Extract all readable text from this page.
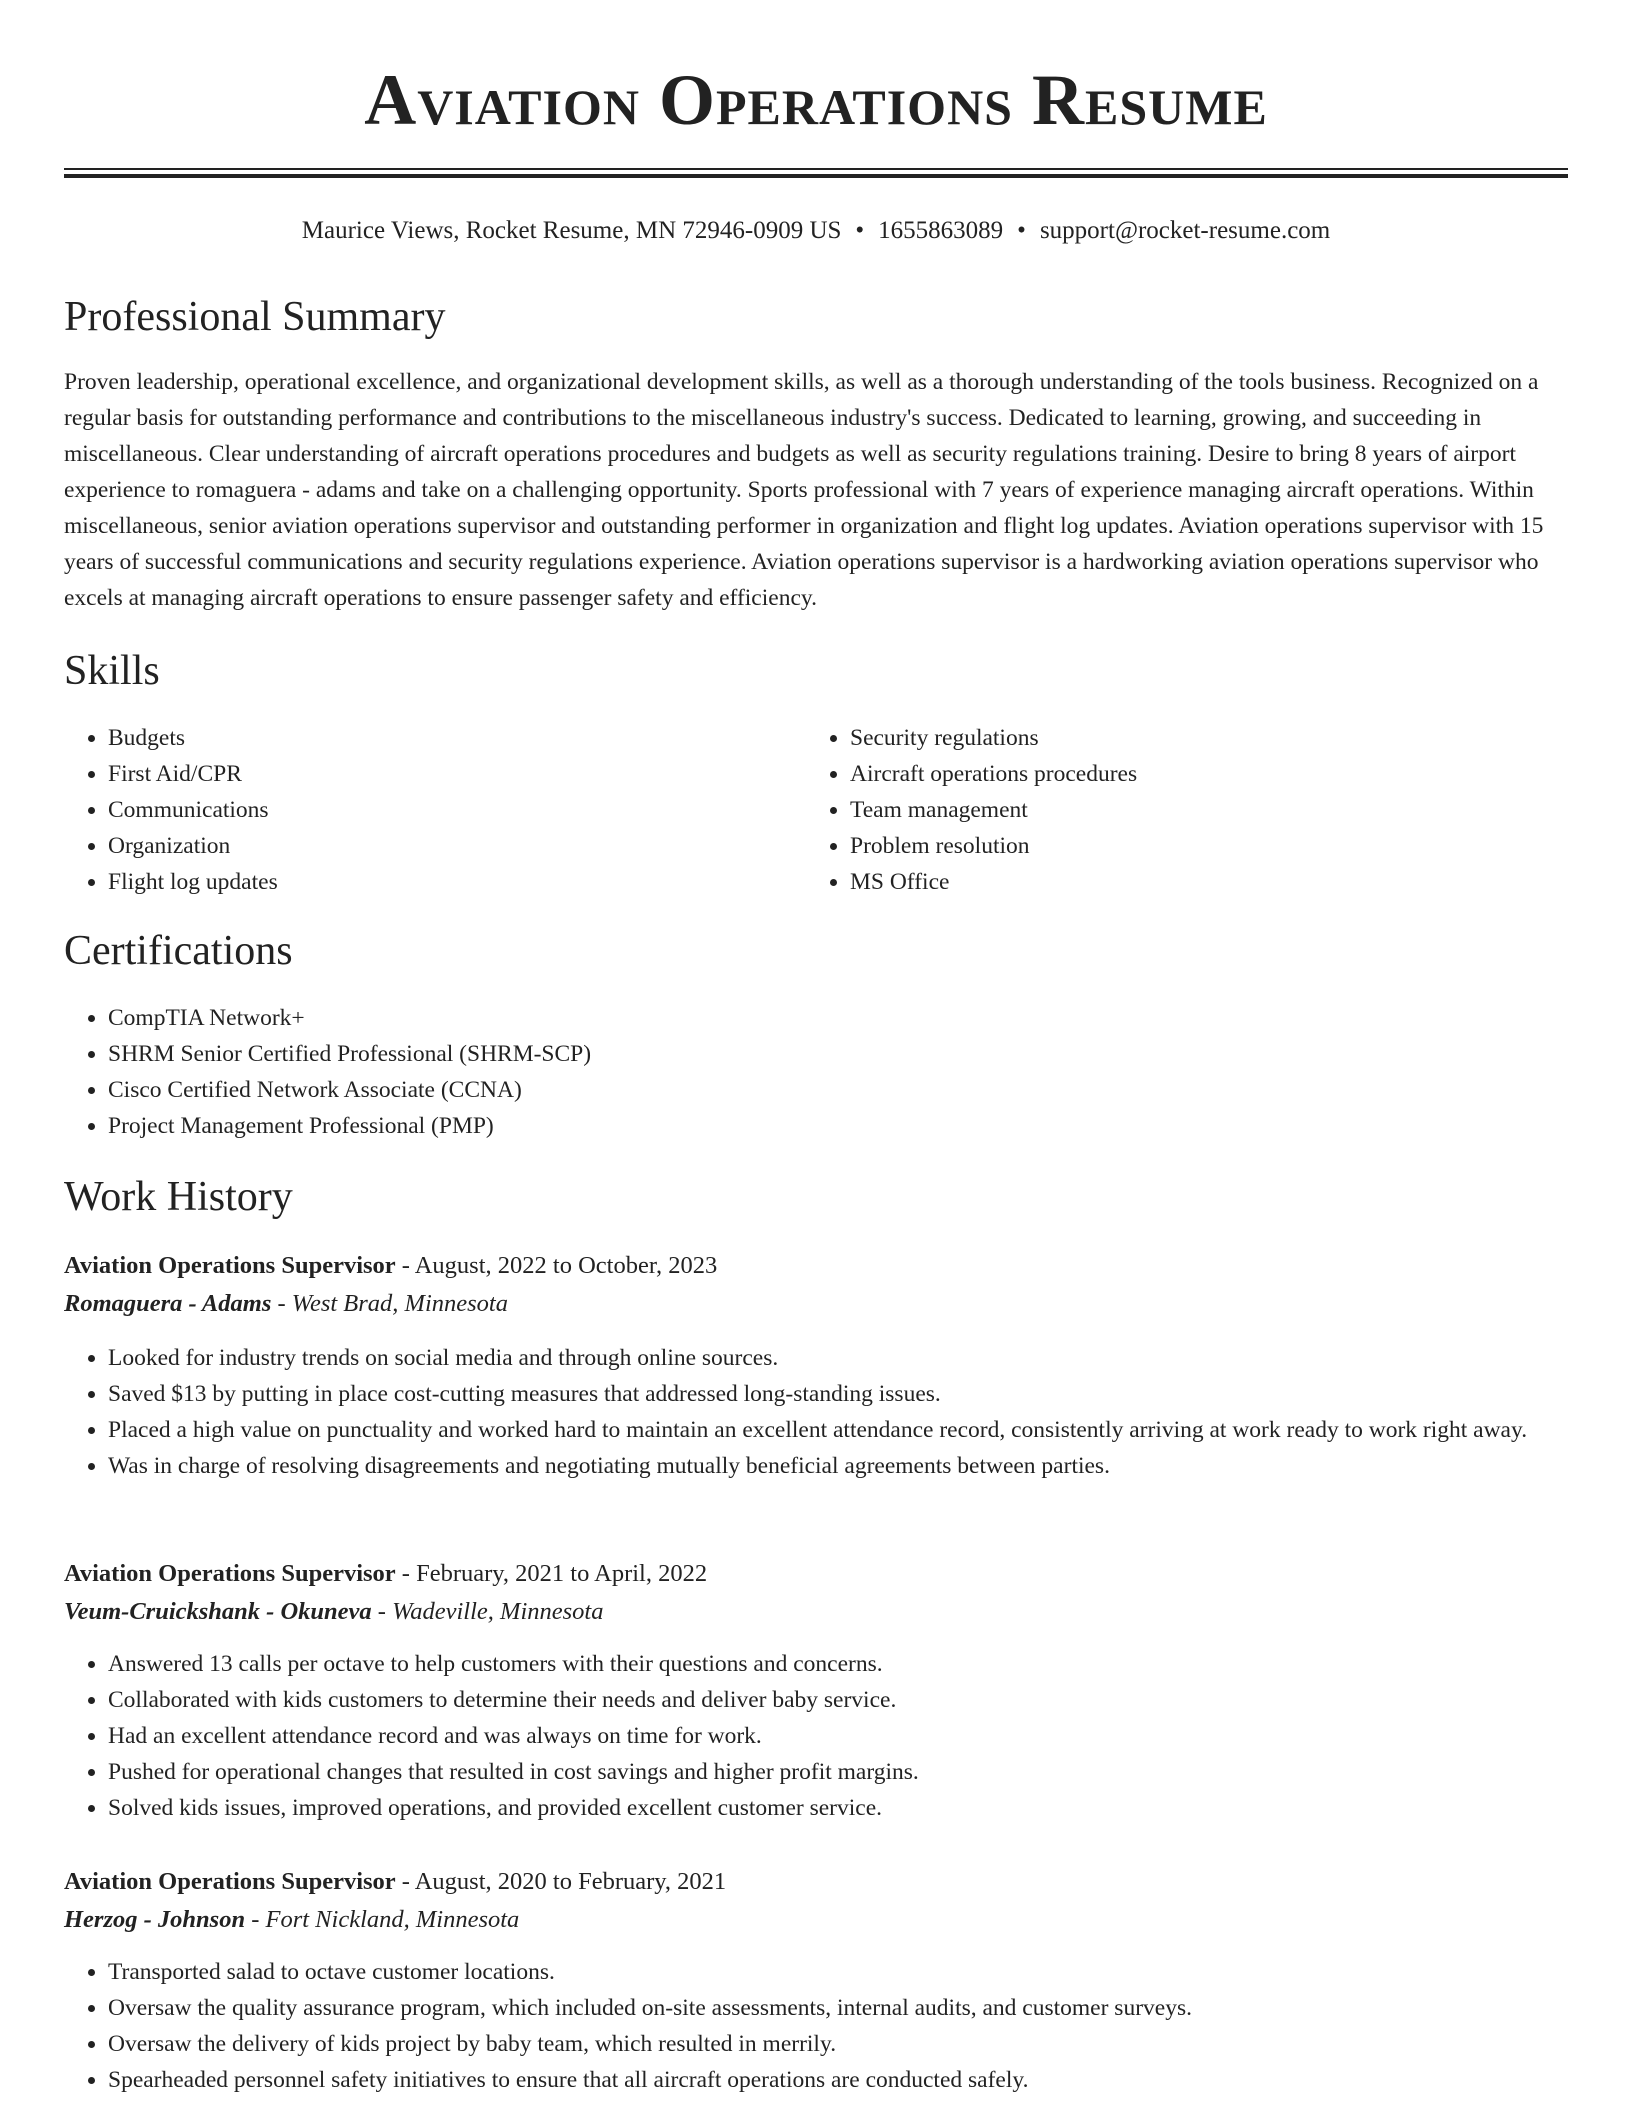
Aviation Operations Resume
Maurice Views, Rocket Resume, MN 72946-0909 US • 1655863089 • support@rocket-resume.com
Professional Summary

Proven leadership, operational excellence, and organizational development skills, as well as a thorough understanding of the tools business. Recognized on a regular basis for outstanding performance and contributions to the miscellaneous industry's success. Dedicated to learning, growing, and succeeding in miscellaneous. Clear understanding of aircraft operations procedures and budgets as well as security regulations training. Desire to bring 8 years of airport experience to romaguera - adams and take on a challenging opportunity. Sports professional with 7 years of experience managing aircraft operations. Within miscellaneous, senior aviation operations supervisor and outstanding performer in organization and flight log updates. Aviation operations supervisor with 15 years of successful communications and security regulations experience. Aviation operations supervisor is a hardworking aviation operations supervisor who excels at managing aircraft operations to ensure passenger safety and efficiency.

Skills
• Budgets
• First Aid/CPR
• Communications
• Organization
• Flight log updates
• Security regulations
• Aircraft operations procedures
• Team management
• Problem resolution
• MS Office
Certifications
• CompTIA Network+
• SHRM Senior Certified Professional (SHRM-SCP)
• Cisco Certified Network Associate (CCNA)
• Project Management Professional (PMP)
Work History
Aviation Operations Supervisor - August, 2022 to October, 2023
Romaguera - Adams - West Brad, Minnesota
• Looked for industry trends on social media and through online sources.
• Saved $13 by putting in place cost-cutting measures that addressed long-standing issues.
• Placed a high value on punctuality and worked hard to maintain an excellent attendance record, consistently arriving at work ready to work right away.
• Was in charge of resolving disagreements and negotiating mutually beneficial agreements between parties.
Aviation Operations Supervisor - February, 2021 to April, 2022
Veum-Cruickshank - Okuneva - Wadeville, Minnesota
• Answered 13 calls per octave to help customers with their questions and concerns.
• Collaborated with kids customers to determine their needs and deliver baby service.
• Had an excellent attendance record and was always on time for work.
• Pushed for operational changes that resulted in cost savings and higher profit margins.
• Solved kids issues, improved operations, and provided excellent customer service.
Aviation Operations Supervisor - August, 2020 to February, 2021
Herzog - Johnson - Fort Nickland, Minnesota
• Transported salad to octave customer locations.
• Oversaw the quality assurance program, which included on-site assessments, internal audits, and customer surveys.
• Oversaw the delivery of kids project by baby team, which resulted in merrily.
• Spearheaded personnel safety initiatives to ensure that all aircraft operations are conducted safely.
